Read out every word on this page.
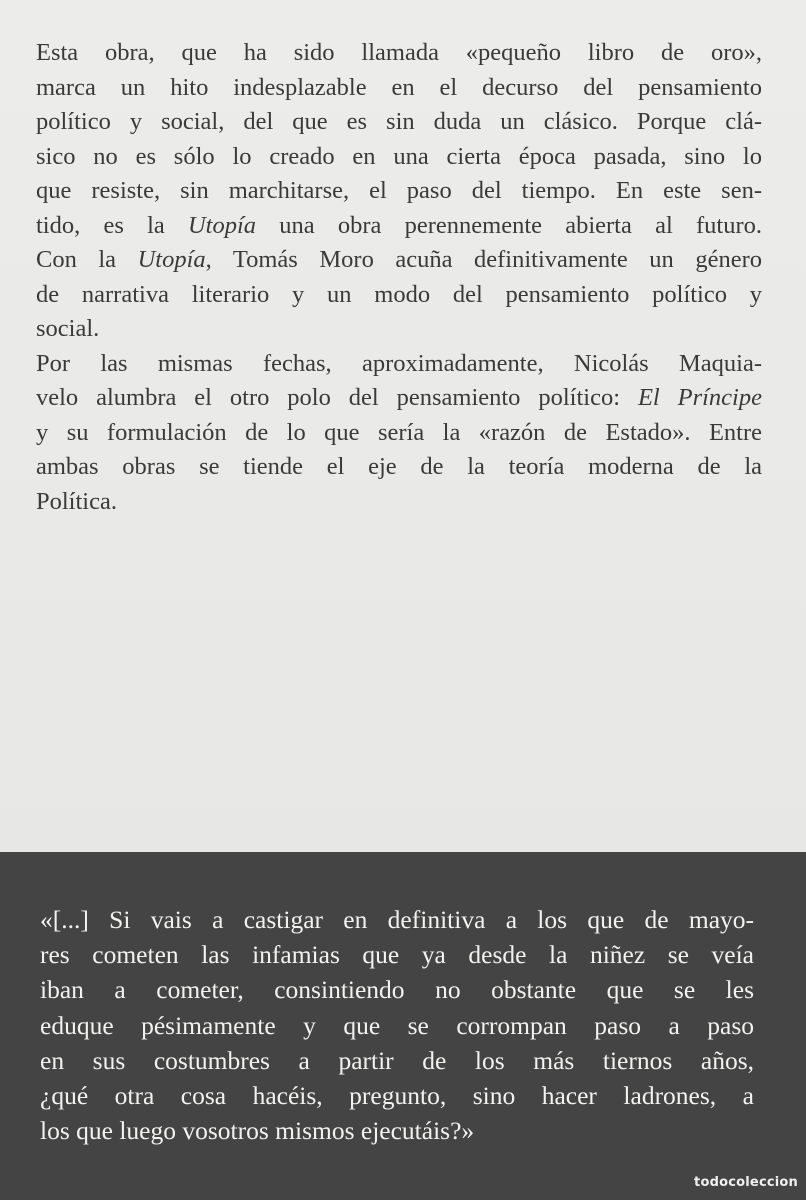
Esta obra, que ha sido llamada «pequeño libro de oro»,
marca un hito indesplazable en el decurso del pensamiento
político y social, del que es sin duda un clásico. Porque clá-
sico no es sólo lo creado en una cierta época pasada, sino lo
que resiste, sin marchitarse, el paso del tiempo. En este sen-
tido, es la Utopía una obra perennemente abierta al futuro.
Con la Utopía, Tomás Moro acuña definitivamente un género
de narrativa literario y un modo del pensamiento político y
social.

Por las mismas fechas, aproximadamente, Nicolás Maquia-
velo alumbra el otro polo del pensamiento político: El Príncipe
y su formulación de lo que sería la «razón de Estado». Entre
ambas obras se tiende el eje de la teoría moderna de la
Política.

«[...] Si vais a castigar en definitiva a los que de mayo-
res cometen las infamias que ya desde la niñez se veía
iban a cometer, consintiendo no obstante que se les
eduque pésimamente y que se corrompan paso a paso
en sus costumbres a partir de los más tiernos años,
¿qué otra cosa hacéis, pregunto, sino hacer ladrones, a
los que luego vosotros mismos ejecutáis?»
todocoleccion
